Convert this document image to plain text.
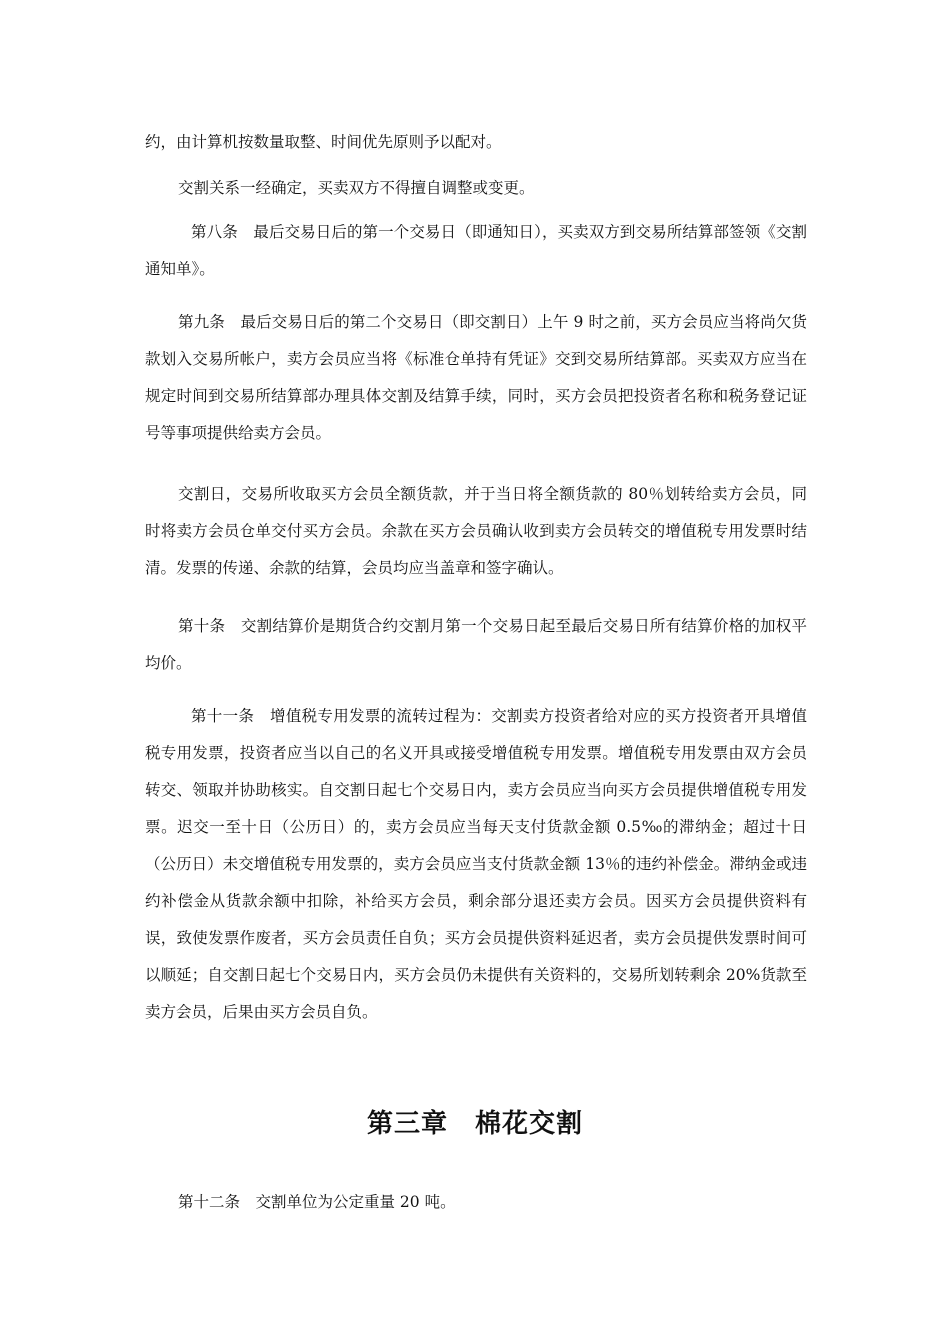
约，由计算机按数量取整、时间优先原则予以配对。

交割关系一经确定，买卖双方不得擅自调整或变更。

第八条　最后交易日后的第一个交易日（即通知日），买卖双方到交易所结算部签领《交割通知单》。

第九条　最后交易日后的第二个交易日（即交割日）上午 9 时之前，买方会员应当将尚欠货款划入交易所帐户，卖方会员应当将《标准仓单持有凭证》交到交易所结算部。买卖双方应当在规定时间到交易所结算部办理具体交割及结算手续，同时，买方会员把投资者名称和税务登记证号等事项提供给卖方会员。

交割日，交易所收取买方会员全额货款，并于当日将全额货款的 80％划转给卖方会员，同时将卖方会员仓单交付买方会员。余款在买方会员确认收到卖方会员转交的增值税专用发票时结清。发票的传递、余款的结算，会员均应当盖章和签字确认。

第十条　交割结算价是期货合约交割月第一个交易日起至最后交易日所有结算价格的加权平均价。

第十一条　增值税专用发票的流转过程为：交割卖方投资者给对应的买方投资者开具增值税专用发票，投资者应当以自己的名义开具或接受增值税专用发票。增值税专用发票由双方会员转交、领取并协助核实。自交割日起七个交易日内，卖方会员应当向买方会员提供增值税专用发票。迟交一至十日（公历日）的，卖方会员应当每天支付货款金额 0.5‰的滞纳金；超过十日（公历日）未交增值税专用发票的，卖方会员应当支付货款金额 13％的违约补偿金。滞纳金或违约补偿金从货款余额中扣除，补给买方会员，剩余部分退还卖方会员。因买方会员提供资料有误，致使发票作废者，买方会员责任自负；买方会员提供资料延迟者，卖方会员提供发票时间可以顺延；自交割日起七个交易日内，买方会员仍未提供有关资料的，交易所划转剩余 20%货款至卖方会员，后果由买方会员自负。

第三章　棉花交割

第十二条　交割单位为公定重量 20 吨。
